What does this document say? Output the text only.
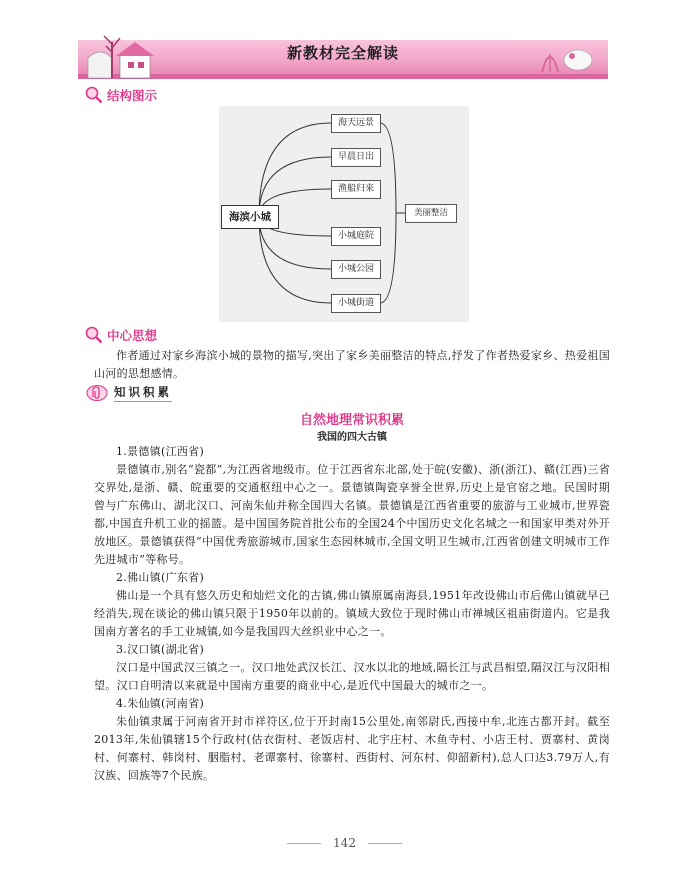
新教材完全解读
结构图示
海滨小城
海天远景
早晨日出
渔船归来
小城庭院
小城公园
小城街道
美丽整洁
中心思想
作者通过对家乡海滨小城的景物的描写,突出了家乡美丽整洁的特点,抒发了作者热爱家乡、热爱祖国山河的思想感情。
知识积累
自然地理常识积累
我国的四大古镇
1.景德镇(江西省)
景德镇市,别名“瓷都”,为江西省地级市。位于江西省东北部,处于皖(安徽)、浙(浙江)、赣(江西)三省交界处,是浙、赣、皖重要的交通枢纽中心之一。景德镇陶瓷享誉全世界,历史上是官窑之地。民国时期曾与广东佛山、湖北汉口、河南朱仙并称全国四大名镇。景德镇是江西省重要的旅游与工业城市,世界瓷都,中国直升机工业的摇篮。是中国国务院首批公布的全国24个中国历史文化名城之一和国家甲类对外开放地区。景德镇获得“中国优秀旅游城市,国家生态园林城市,全国文明卫生城市,江西省创建文明城市工作先进城市”等称号。
2.佛山镇(广东省)
佛山是一个具有悠久历史和灿烂文化的古镇,佛山镇原属南海县,1951年改设佛山市后佛山镇就早已经消失,现在谈论的佛山镇只限于1950年以前的。镇域大致位于现时佛山市禅城区祖庙街道内。它是我国南方著名的手工业城镇,如今是我国四大丝织业中心之一。
3.汉口镇(湖北省)
汉口是中国武汉三镇之一。汉口地处武汉长江、汉水以北的地域,隔长江与武昌相望,隔汉江与汉阳相望。汉口自明清以来就是中国南方重要的商业中心,是近代中国最大的城市之一。
4.朱仙镇(河南省)
朱仙镇隶属于河南省开封市祥符区,位于开封南15公里处,南邻尉氏,西接中牟,北连古都开封。截至2013年,朱仙镇辖15个行政村(估衣街村、老饭店村、北宇庄村、木鱼寺村、小店王村、贾寨村、黄岗村、何寨村、韩岗村、胭脂村、老谭寨村、徐寨村、西街村、河东村、仰韶新村),总人口达3.79万人,有汉族、回族等7个民族。
142
